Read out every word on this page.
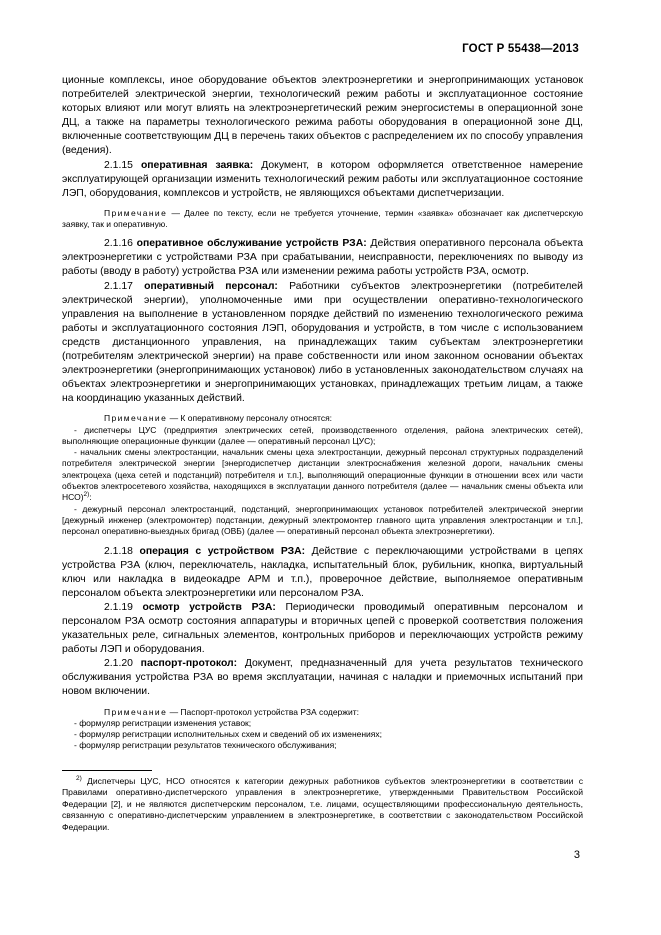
ГОСТ Р 55438—2013

ционные комплексы, иное оборудование объектов электроэнергетики и энергопринимающих установок потребителей электрической энергии, технологический режим работы и эксплуатационное состояние которых влияют или могут влиять на электроэнергетический режим энергосистемы в операционной зоне ДЦ, а также на параметры технологического режима работы оборудования в операционной зоне ДЦ, включенные соответствующим ДЦ в перечень таких объектов с распределением их по способу управления (ведения).

2.1.15 оперативная заявка: Документ, в котором оформляется ответственное намерение эксплуатирующей организации изменить технологический режим работы или эксплуатационное состояние ЛЭП, оборудования, комплексов и устройств, не являющихся объектами диспетчеризации.

Примечание — Далее по тексту, если не требуется уточнение, термин «заявка» обозначает как диспетчерскую заявку, так и оперативную.

2.1.16 оперативное обслуживание устройств РЗА: Действия оперативного персонала объекта электроэнергетики с устройствами РЗА при срабатывании, неисправности, переключениях по выводу из работы (вводу в работу) устройства РЗА или изменении режима работы устройств РЗА, осмотр.

2.1.17 оперативный персонал: Работники субъектов электроэнергетики (потребителей электрической энергии), уполномоченные ими при осуществлении оперативно-технологического управления на выполнение в установленном порядке действий по изменению технологического режима работы и эксплуатационного состояния ЛЭП, оборудования и устройств, в том числе с использованием средств дистанционного управления, на принадлежащих таким субъектам электроэнергетики (потребителям электрической энергии) на праве собственности или ином законном основании объектах электроэнергетики (энергопринимающих установок) либо в установленных законодательством случаях на объектах электроэнергетики и энергопринимающих установках, принадлежащих третьим лицам, а также на координацию указанных действий.

Примечание — К оперативному персоналу относятся:

- диспетчеры ЦУС (предприятия электрических сетей, производственного отделения, района электрических сетей), выполняющие операционные функции (далее — оперативный персонал ЦУС);

- начальник смены электростанции, начальник смены цеха электростанции, дежурный персонал структурных подразделений потребителя электрической энергии [энергодиспетчер дистанции электроснабжения железной дороги, начальник смены электроцеха (цеха сетей и подстанций) потребителя и т.п.], выполняющий операционные функции в отношении всех или части объектов электросетевого хозяйства, находящихся в эксплуатации данного потребителя (далее — начальник смены объекта или НСО)$^{2)}$:

- дежурный персонал электростанций, подстанций, энергопринимающих установок потребителей электрической энергии [дежурный инженер (электромонтер) подстанции, дежурный электромонтер главного щита управления электростанции и т.п.], персонал оперативно-выездных бригад (ОВБ) (далее — оперативный персонал объекта электроэнергетики).

2.1.18 операция с устройством РЗА: Действие с переключающими устройствами в цепях устройства РЗА (ключ, переключатель, накладка, испытательный блок, рубильник, кнопка, виртуальный ключ или накладка в видеокадре АРМ и т.п.), проверочное действие, выполняемое оперативным персоналом объекта электроэнергетики или персоналом РЗА.

2.1.19 осмотр устройств РЗА: Периодически проводимый оперативным персоналом и персоналом РЗА осмотр состояния аппаратуры и вторичных цепей с проверкой соответствия положения указательных реле, сигнальных элементов, контрольных приборов и переключающих устройств режиму работы ЛЭП и оборудования.

2.1.20 паспорт-протокол: Документ, предназначенный для учета результатов технического обслуживания устройства РЗА во время эксплуатации, начиная с наладки и приемочных испытаний при новом включении.

Примечание — Паспорт-протокол устройства РЗА содержит:

- формуляр регистрации изменения уставок;

- формуляр регистрации исполнительных схем и сведений об их изменениях;

- формуляр регистрации результатов технического обслуживания;

$^{2)}$ Диспетчеры ЦУС, НСО относятся к категории дежурных работников субъектов электроэнергетики в соответствии с Правилами оперативно-диспетчерского управления в электроэнергетике, утвержденными Правительством Российской Федерации [2], и не являются диспетчерским персоналом, т.е. лицами, осуществляющими профессиональную деятельность, связанную с оперативно-диспетчерским управлением в электроэнергетике, в соответствии с законодательством Российской Федерации.

3
